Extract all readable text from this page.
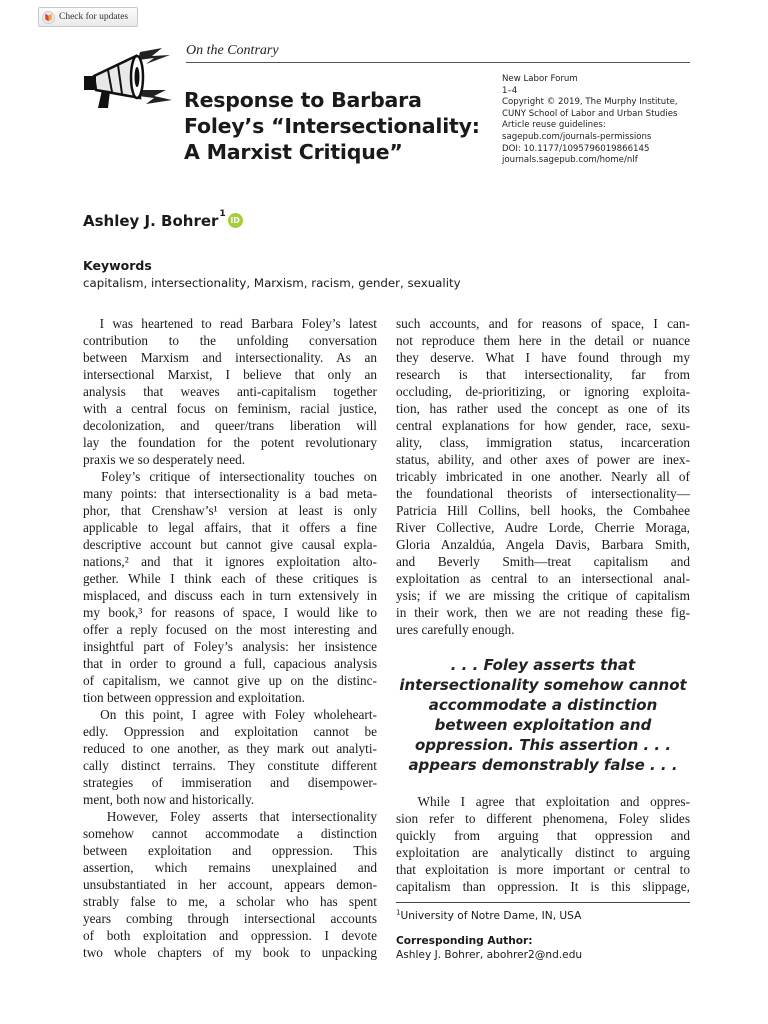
Check for updates
On the Contrary
Response to Barbara
Foley’s “Intersectionality:
A Marxist Critique”
New Labor Forum
1–4
Copyright © 2019, The Murphy Institute,
CUNY School of Labor and Urban Studies
Article reuse guidelines:
sagepub.com/journals-permissions
DOI: 10.1177/1095796019866145
journals.sagepub.com/home/nlf
Ashley J. Bohrer$^1$
iD
Keywords
capitalism, intersectionality, Marxism, racism, gender, sexuality
I was heartened to read Barbara Foley’s latest
contribution to the unfolding conversation
between Marxism and intersectionality. As an
intersectional Marxist, I believe that only an
analysis that weaves anti-capitalism together
with a central focus on feminism, racial justice,
decolonization, and queer/trans liberation will
lay the foundation for the potent revolutionary
praxis we so desperately need.
Foley’s critique of intersectionality touches on
many points: that intersectionality is a bad meta-
phor, that Crenshaw’s¹ version at least is only
applicable to legal affairs, that it offers a fine
descriptive account but cannot give causal expla-
nations,² and that it ignores exploitation alto-
gether. While I think each of these critiques is
misplaced, and discuss each in turn extensively in
my book,³ for reasons of space, I would like to
offer a reply focused on the most interesting and
insightful part of Foley’s analysis: her insistence
that in order to ground a full, capacious analysis
of capitalism, we cannot give up on the distinc-
tion between oppression and exploitation.
On this point, I agree with Foley wholeheart-
edly. Oppression and exploitation cannot be
reduced to one another, as they mark out analyti-
cally distinct terrains. They constitute different
strategies of immiseration and disempower-
ment, both now and historically.
However, Foley asserts that intersectionality
somehow cannot accommodate a distinction
between exploitation and oppression. This
assertion, which remains unexplained and
unsubstantiated in her account, appears demon-
strably false to me, a scholar who has spent
years combing through intersectional accounts
of both exploitation and oppression. I devote
two whole chapters of my book to unpacking
such accounts, and for reasons of space, I can-
not reproduce them here in the detail or nuance
they deserve. What I have found through my
research is that intersectionality, far from
occluding, de-prioritizing, or ignoring exploita-
tion, has rather used the concept as one of its
central explanations for how gender, race, sexu-
ality, class, immigration status, incarceration
status, ability, and other axes of power are inex-
tricably imbricated in one another. Nearly all of
the foundational theorists of intersectionality—
Patricia Hill Collins, bell hooks, the Combahee
River Collective, Audre Lorde, Cherrie Moraga,
Gloria Anzaldúa, Angela Davis, Barbara Smith,
and Beverly Smith—treat capitalism and
exploitation as central to an intersectional anal-
ysis; if we are missing the critique of capitalism
in their work, then we are not reading these fig-
ures carefully enough.
. . . Foley asserts that
intersectionality somehow cannot
accommodate a distinction
between exploitation and
oppression. This assertion . . .
appears demonstrably false . . .
While I agree that exploitation and oppres-
sion refer to different phenomena, Foley slides
quickly from arguing that oppression and
exploitation are analytically distinct to arguing
that exploitation is more important or central to
capitalism than oppression. It is this slippage,
$^1$University of Notre Dame, IN, USA
Corresponding Author:
Ashley J. Bohrer, abohrer2@nd.edu
